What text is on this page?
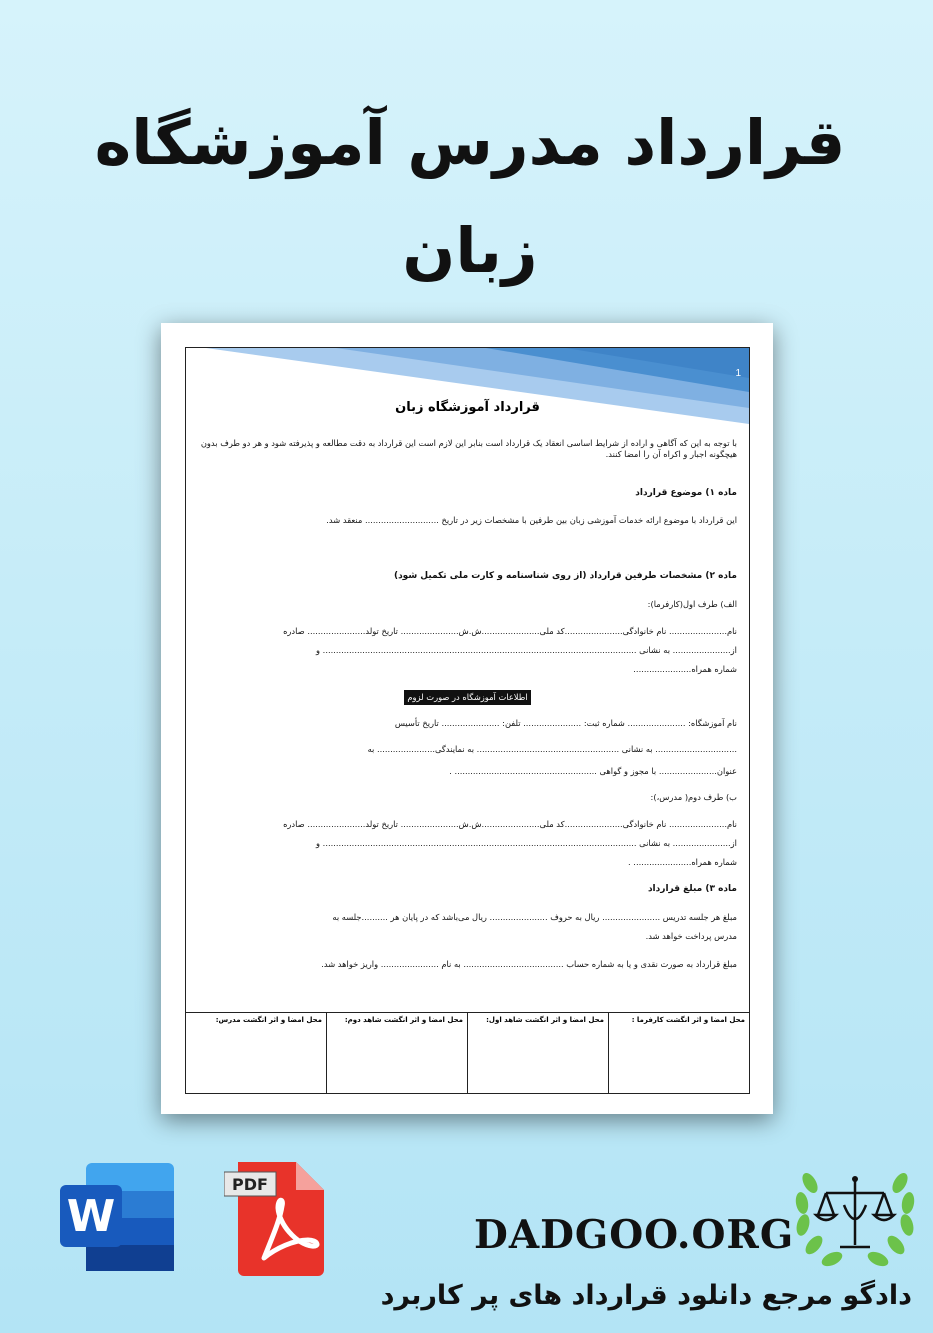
قرارداد مدرس آموزشگاه
زبان
1
قرارداد آموزشگاه زبان
با توجه به این که آگاهی و اراده از شرایط اساسی انعقاد یک قرارداد است بنابر این لازم است این قرارداد به دقت مطالعه و پذیرفته شود و هر دو طرف بدون هیچگونه اجبار و اکراه آن را امضا کنند.
ماده ۱) موضوع قرارداد
این قرارداد با موضوع ارائه خدمات آموزشی زبان بین طرفین با مشخصات زیر در تاریخ ............................ منعقد شد.
ماده ۲) مشخصات طرفین قرارداد (از روی شناسنامه و کارت ملی تکمیل شود)
الف) طرف اول(کارفرما):
نام...................... نام خانوادگی......................کد ملی......................ش.ش...................... تاریخ تولد...................... صادره
از...................... به نشانی ....................................................................................................................... و
شماره همراه......................
اطلاعات آموزشگاه در صورت لزوم
نام آموزشگاه: ...................... شماره ثبت: ...................... تلفن: ...................... تاریخ تأسیس
............................... به نشانی ...................................................... به نمایندگی...................... به
عنوان...................... با مجوز و گواهی ...................................................... .
ب) طرف دوم( مدرس،):
نام...................... نام خانوادگی......................کد ملی......................ش.ش...................... تاریخ تولد...................... صادره
از...................... به نشانی ....................................................................................................................... و
شماره همراه...................... .
ماده ۳) مبلغ قرارداد
مبلغ هر جلسه تدریس ...................... ریال به حروف ...................... ریال می‌باشد که در پایان هر ..........جلسه به
مدرس پرداخت خواهد شد.
مبلغ قرارداد به صورت نقدی و یا به شماره حساب ...................................... به نام ...................... واریز خواهد شد.
محل امضا و اثر انگشت کارفرما :
محل امضا و اثر انگشت شاهد اول:
محل امضا و اثر انگشت شاهد دوم:
محل امضا و اثر انگشت مدرس:
W
PDF
DADGOO.ORG
دادگو مرجع دانلود قرارداد های پر کاربرد
